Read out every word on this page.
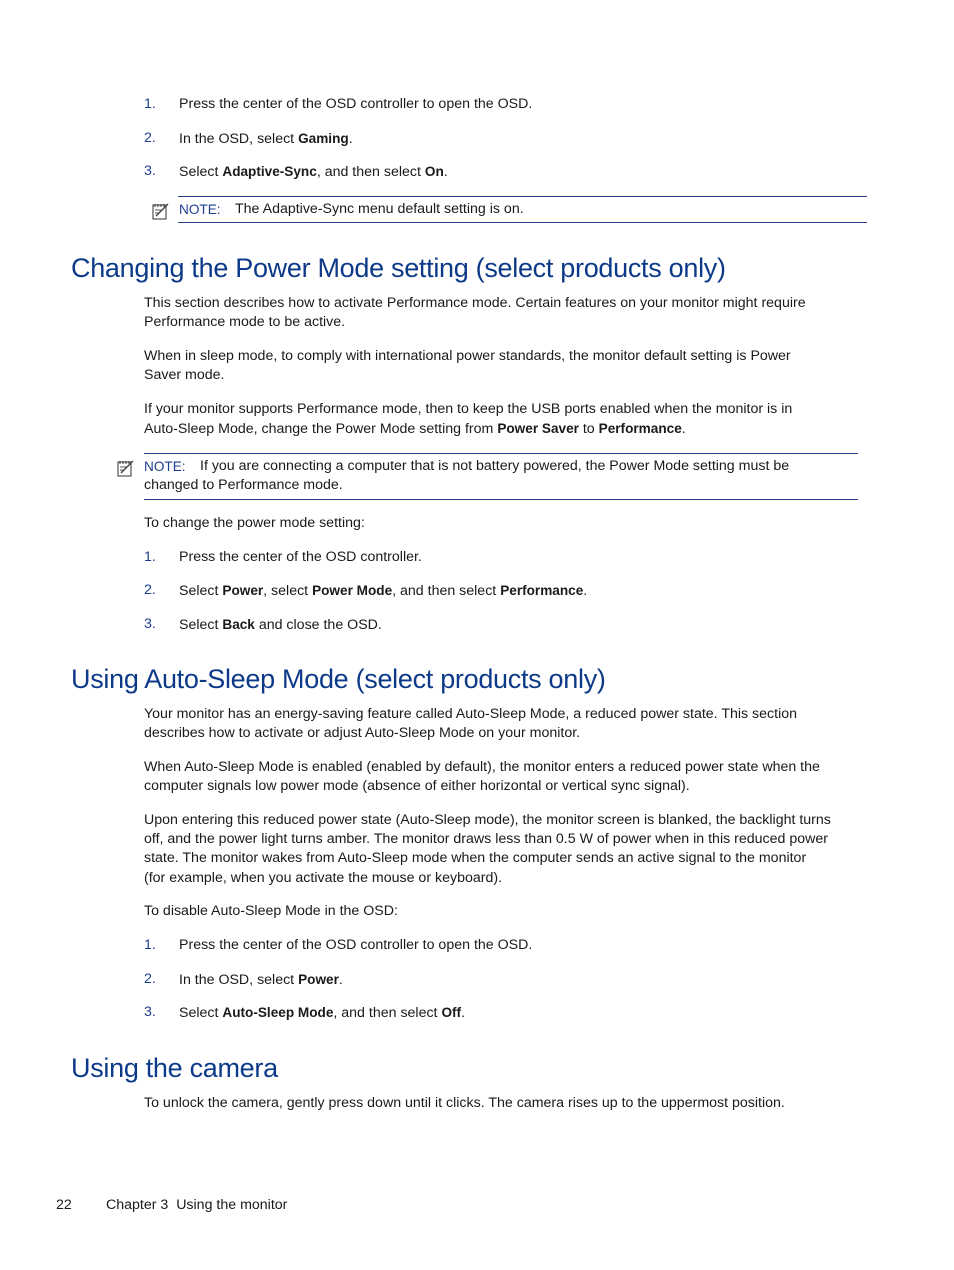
1. Press the center of the OSD controller to open the OSD.
2. In the OSD, select Gaming.
3. Select Adaptive-Sync, and then select On.
NOTE: The Adaptive-Sync menu default setting is on.
Changing the Power Mode setting (select products only)
This section describes how to activate Performance mode. Certain features on your monitor might require
Performance mode to be active.
When in sleep mode, to comply with international power standards, the monitor default setting is Power
Saver mode.
If your monitor supports Performance mode, then to keep the USB ports enabled when the monitor is in
Auto-Sleep Mode, change the Power Mode setting from Power Saver to Performance.
NOTE: If you are connecting a computer that is not battery powered, the Power Mode setting must be
changed to Performance mode.
To change the power mode setting:
1. Press the center of the OSD controller.
2. Select Power, select Power Mode, and then select Performance.
3. Select Back and close the OSD.
Using Auto-Sleep Mode (select products only)
Your monitor has an energy-saving feature called Auto-Sleep Mode, a reduced power state. This section
describes how to activate or adjust Auto-Sleep Mode on your monitor.
When Auto-Sleep Mode is enabled (enabled by default), the monitor enters a reduced power state when the
computer signals low power mode (absence of either horizontal or vertical sync signal).
Upon entering this reduced power state (Auto-Sleep mode), the monitor screen is blanked, the backlight turns
off, and the power light turns amber. The monitor draws less than 0.5 W of power when in this reduced power
state. The monitor wakes from Auto-Sleep mode when the computer sends an active signal to the monitor
(for example, when you activate the mouse or keyboard).
To disable Auto-Sleep Mode in the OSD:
1. Press the center of the OSD controller to open the OSD.
2. In the OSD, select Power.
3. Select Auto-Sleep Mode, and then select Off.
Using the camera
To unlock the camera, gently press down until it clicks. The camera rises up to the uppermost position.
22 Chapter 3  Using the monitor
